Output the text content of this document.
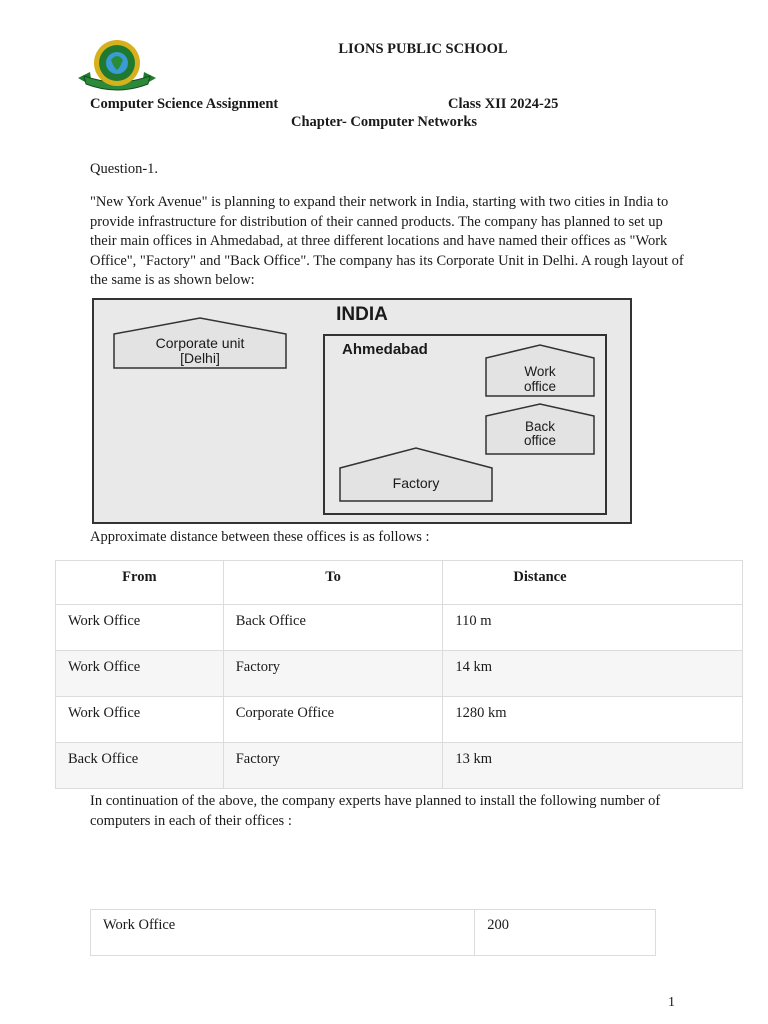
LIONS PUBLIC SCHOOL
Computer Science Assignment	Class XII 2024-25
Chapter- Computer Networks
Question-1.
"New York Avenue" is planning to expand their network in India, starting with two cities in India to provide infrastructure for distribution of their canned products. The company has planned to set up their main offices in Ahmedabad, at three different locations and have named their offices as "Work Office", "Factory" and "Back Office". The company has its Corporate Unit in Delhi. A rough layout of the same is as shown below:
INDIA
Corporate unit
[Delhi]	Ahmedabad
Work
office
Back
office
Factory
Approximate distance between these offices is as follows :
From	To	Distance
Work Office	Back Office	110 m
Work Office	Factory	14 km
Work Office	Corporate Office	1280 km
Back Office	Factory	13 km
In continuation of the above, the company experts have planned to install the following number of computers in each of their offices :
Work Office	200
1
